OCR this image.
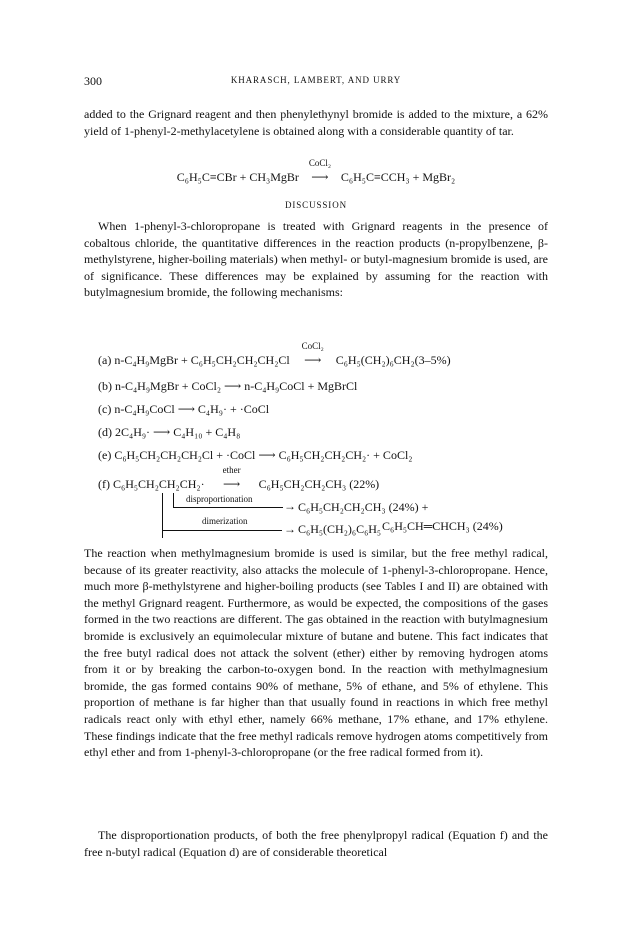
300	KHARASCH, LAMBERT, AND URRY

added to the Grignard reagent and then phenylethynyl bromide is added to the mixture, a 62% yield of 1-phenyl-2-methylacetylene is obtained along with a considerable quantity of tar.

C₆H₅C≡CBr + CH₃MgBr
CoCl₂
⟶ C₆H₅C≡CCH₃ + MgBr₂
DISCUSSION

When 1-phenyl-3-chloropropane is treated with Grignard reagents in the presence of cobaltous chloride, the quantitative differences in the reaction products (n-propylbenzene, β-methylstyrene, higher-boiling materials) when methyl- or butyl-magnesium bromide is used, are of significance. These differences may be explained by assuming for the reaction with butylmagnesium bromide, the following mechanisms:

(a) n-C₄H₉MgBr + C₆H₅CH₂CH₂CH₂Cl
CoCl₂
⟶ C₆H₅(CH₂)₆CH₂(3–5%)
(b) n-C₄H₉MgBr + CoCl₂ ⟶ n-C₄H₉CoCl + MgBrCl
(c) n-C₄H₉CoCl ⟶ C₄H₉· + ·CoCl
(d) 2C₄H₉· ⟶ C₄H₁₀ + C₄H₈
(e) C₆H₅CH₂CH₂CH₂Cl + ·CoCl ⟶ C₆H₅CH₂CH₂CH₂· + CoCl₂
(f) C₆H₅CH₂CH₂CH₂·
ether
⟶ C₆H₅CH₂CH₂CH₃ (22%)
disproportionation	→ C₆H₅CH₂CH₂CH₃ (24%) +
C₆H₅CH═CHCH₃ (24%)
dimerization
→ C₆H₅(CH₂)₆C₆H₅

The reaction when methylmagnesium bromide is used is similar, but the free methyl radical, because of its greater reactivity, also attacks the molecule of 1-phenyl-3-chloropropane. Hence, much more β-methylstyrene and higher-boiling products (see Tables I and II) are obtained with the methyl Grignard reagent. Furthermore, as would be expected, the compositions of the gases formed in the two reactions are different. The gas obtained in the reaction with butylmagnesium bromide is exclusively an equimolecular mixture of butane and butene. This fact indicates that the free butyl radical does not attack the solvent (ether) either by removing hydrogen atoms from it or by breaking the carbon-to-oxygen bond. In the reaction with methylmagnesium bromide, the gas formed contains 90% of methane, 5% of ethane, and 5% of ethylene. This proportion of methane is far higher than that usually found in reactions in which free methyl radicals react only with ethyl ether, namely 66% methane, 17% ethane, and 17% ethylene. These findings indicate that the free methyl radicals remove hydrogen atoms competitively from ethyl ether and from 1-phenyl-3-chloropropane (or the free radical formed from it).

The disproportionation products, of both the free phenylpropyl radical (Equation f) and the free n-butyl radical (Equation d) are of considerable theoretical
